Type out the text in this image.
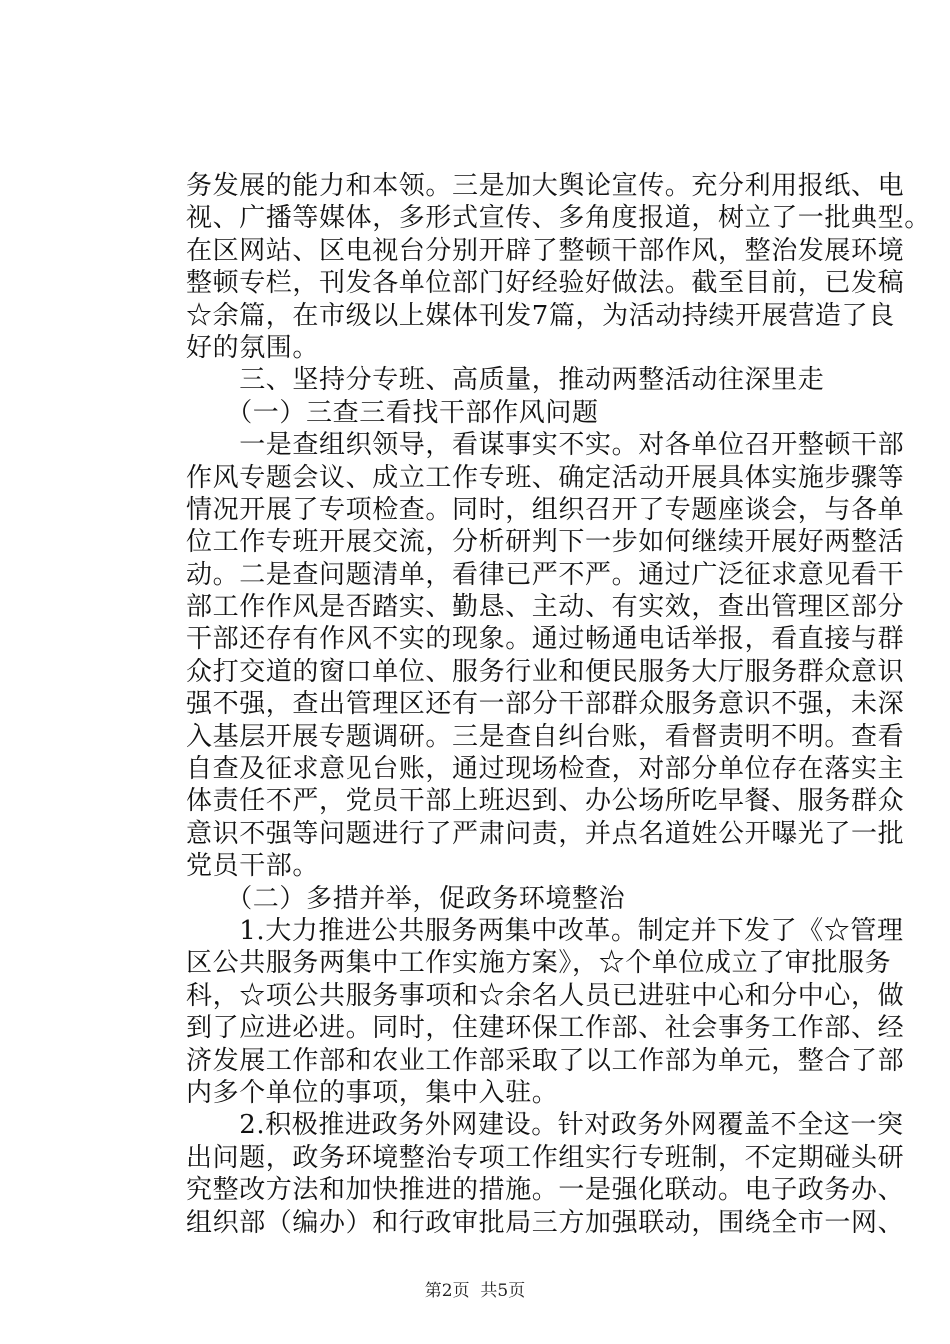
务发展的能力和本领。三是加大舆论宣传。充分利用报纸、电
视、广播等媒体，多形式宣传、多角度报道，树立了一批典型。
在区网站、区电视台分别开辟了整顿干部作风，整治发展环境
整顿专栏，刊发各单位部门好经验好做法。截至目前，已发稿
☆余篇，在市级以上媒体刊发7篇，为活动持续开展营造了良
好的氛围。
　　三、坚持分专班、高质量，推动两整活动往深里走
　　（一）三查三看找干部作风问题
　　一是查组织领导，看谋事实不实。对各单位召开整顿干部
作风专题会议、成立工作专班、确定活动开展具体实施步骤等
情况开展了专项检查。同时，组织召开了专题座谈会，与各单
位工作专班开展交流，分析研判下一步如何继续开展好两整活
动。二是查问题清单，看律已严不严。通过广泛征求意见看干
部工作作风是否踏实、勤恳、主动、有实效，查出管理区部分
干部还存有作风不实的现象。通过畅通电话举报，看直接与群
众打交道的窗口单位、服务行业和便民服务大厅服务群众意识
强不强，查出管理区还有一部分干部群众服务意识不强，未深
入基层开展专题调研。三是查自纠台账，看督责明不明。查看
自查及征求意见台账，通过现场检查，对部分单位存在落实主
体责任不严，党员干部上班迟到、办公场所吃早餐、服务群众
意识不强等问题进行了严肃问责，并点名道姓公开曝光了一批
党员干部。
　　（二）多措并举，促政务环境整治
　　1.大力推进公共服务两集中改革。制定并下发了《☆管理
区公共服务两集中工作实施方案》，☆个单位成立了审批服务
科，☆项公共服务事项和☆余名人员已进驻中心和分中心，做
到了应进必进。同时，住建环保工作部、社会事务工作部、经
济发展工作部和农业工作部采取了以工作部为单元，整合了部
内多个单位的事项，集中入驻。
　　2.积极推进政务外网建设。针对政务外网覆盖不全这一突
出问题，政务环境整治专项工作组实行专班制，不定期碰头研
究整改方法和加快推进的措施。一是强化联动。电子政务办、
组织部（编办）和行政审批局三方加强联动，围绕全市一网、
第2页  共5页
